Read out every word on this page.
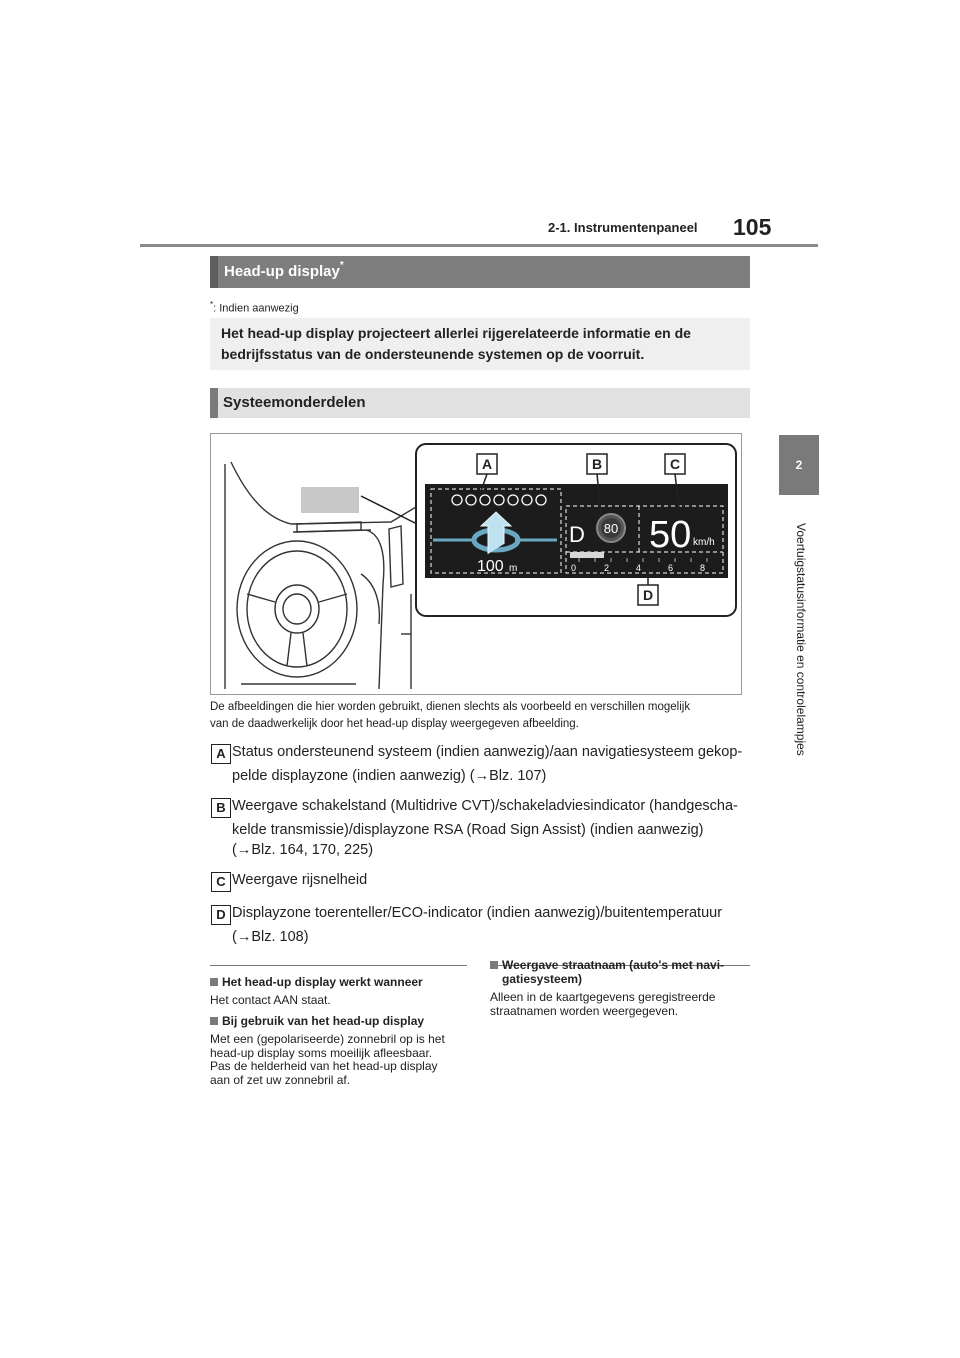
2-1. Instrumentenpaneel 105
2
Voertuigstatusinformatie en controlelampjes
Head-up display*
*: Indien aanwezig
Het head-up display projecteert allerlei rijgerelateerde informatie en de
bedrijfsstatus van de ondersteunende systemen op de voorruit.
Systeemonderdelen
100 m
D 80 50 km/h
0	2	4	6	8
A	B	C
D
De afbeeldingen die hier worden gebruikt, dienen slechts als voorbeeld en verschillen mogelijk
van de daadwerkelijk door het head-up display weergegeven afbeelding.
A Status ondersteunend systeem (indien aanwezig)/aan navigatiesysteem gekop-
pelde displayzone (indien aanwezig) (→Blz. 107)
B Weergave schakelstand (Multidrive CVT)/schakeladviesindicator (handgescha-
kelde transmissie)/displayzone RSA (Road Sign Assist) (indien aanwezig)
(→Blz. 164, 170, 225)
C Weergave rijsnelheid
D Displayzone toerenteller/ECO-indicator (indien aanwezig)/buitentemperatuur
(→Blz. 108)
Het head-up display werkt wanneer
Het contact AAN staat.
Bij gebruik van het head-up display
Met een (gepolariseerde) zonnebril op is het
head-up display soms moeilijk afleesbaar.
Pas de helderheid van het head-up display
aan of zet uw zonnebril af.
Weergave straatnaam (auto's met navi-
gatiesysteem)
Alleen in de kaartgegevens geregistreerde
straatnamen worden weergegeven.
